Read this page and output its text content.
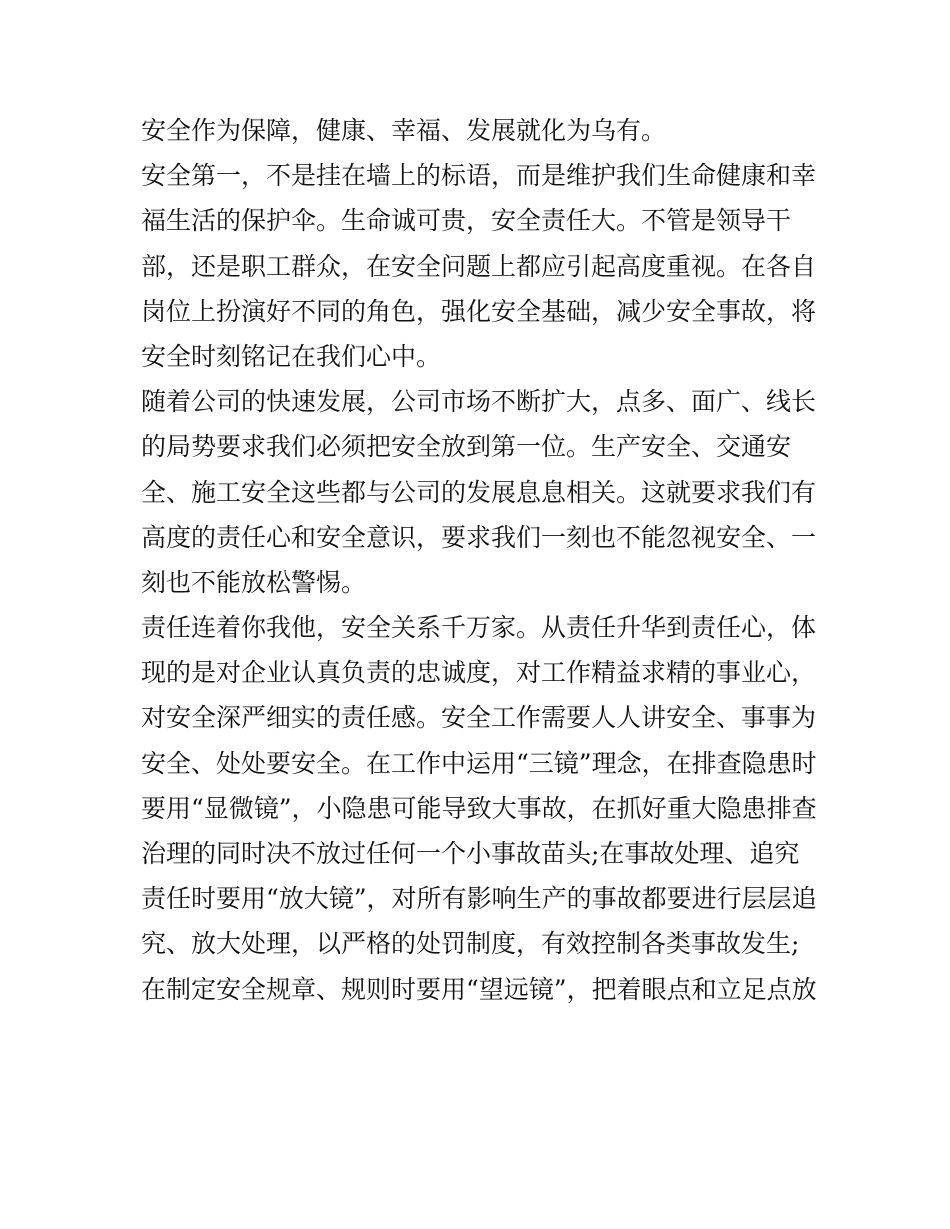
安全作为保障，健康、幸福、发展就化为乌有。
安全第一，不是挂在墙上的标语，而是维护我们生命健康和幸
福生活的保护伞。生命诚可贵，安全责任大。不管是领导干
部，还是职工群众，在安全问题上都应引起高度重视。在各自
岗位上扮演好不同的角色，强化安全基础，减少安全事故，将
安全时刻铭记在我们心中。
随着公司的快速发展，公司市场不断扩大，点多、面广、线长
的局势要求我们必须把安全放到第一位。生产安全、交通安
全、施工安全这些都与公司的发展息息相关。这就要求我们有
高度的责任心和安全意识，要求我们一刻也不能忽视安全、一
刻也不能放松警惕。
责任连着你我他，安全关系千万家。从责任升华到责任心，体
现的是对企业认真负责的忠诚度，对工作精益求精的事业心，
对安全深严细实的责任感。安全工作需要人人讲安全、事事为
安全、处处要安全。在工作中运用“三镜”理念，在排查隐患时
要用“显微镜”，小隐患可能导致大事故，在抓好重大隐患排查
治理的同时决不放过任何一个小事故苗头;在事故处理、追究
责任时要用“放大镜”，对所有影响生产的事故都要进行层层追
究、放大处理，以严格的处罚制度，有效控制各类事故发生;
在制定安全规章、规则时要用“望远镜”，把着眼点和立足点放
